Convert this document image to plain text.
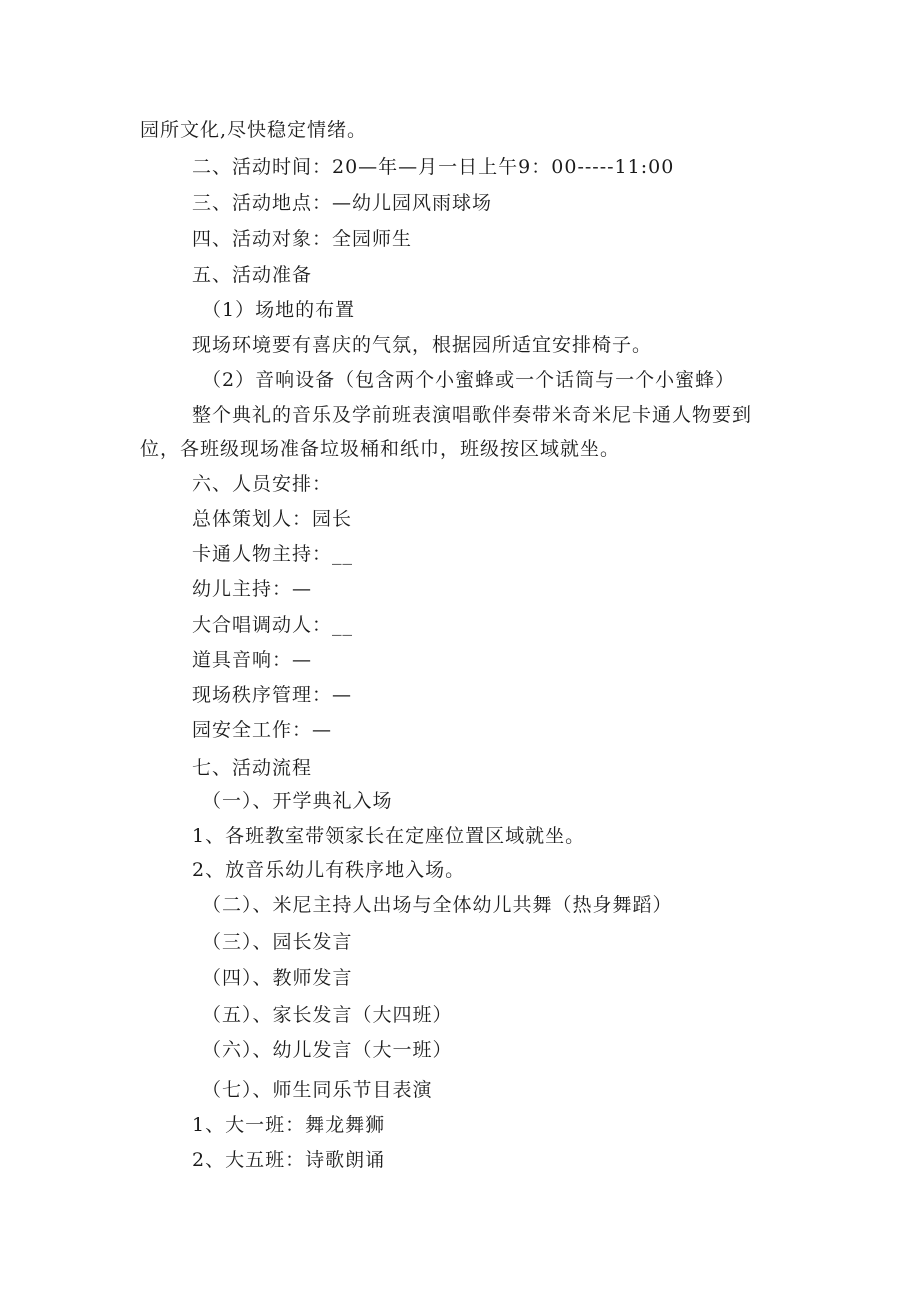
园所文化,尽快稳定情绪。
二、活动时间：20—年—月一日上午9：00-----11:00
三、活动地点：—幼儿园风雨球场
四、活动对象：全园师生
五、活动准备
（1）场地的布置
现场环境要有喜庆的气氛，根据园所适宜安排椅子。
（2）音响设备（包含两个小蜜蜂或一个话筒与一个小蜜蜂）
整个典礼的音乐及学前班表演唱歌伴奏带米奇米尼卡通人物要到
位，各班级现场准备垃圾桶和纸巾，班级按区域就坐。
六、人员安排：
总体策划人：园长
卡通人物主持：__
幼儿主持：—
大合唱调动人：__
道具音响：—
现场秩序管理：—
园安全工作：—
七、活动流程
（一）、开学典礼入场
1、各班教室带领家长在定座位置区域就坐。
2、放音乐幼儿有秩序地入场。
（二）、米尼主持人出场与全体幼儿共舞（热身舞蹈）
（三）、园长发言
（四）、教师发言
（五）、家长发言（大四班）
（六）、幼儿发言（大一班）
（七）、师生同乐节目表演
1、大一班：舞龙舞狮
2、大五班：诗歌朗诵
